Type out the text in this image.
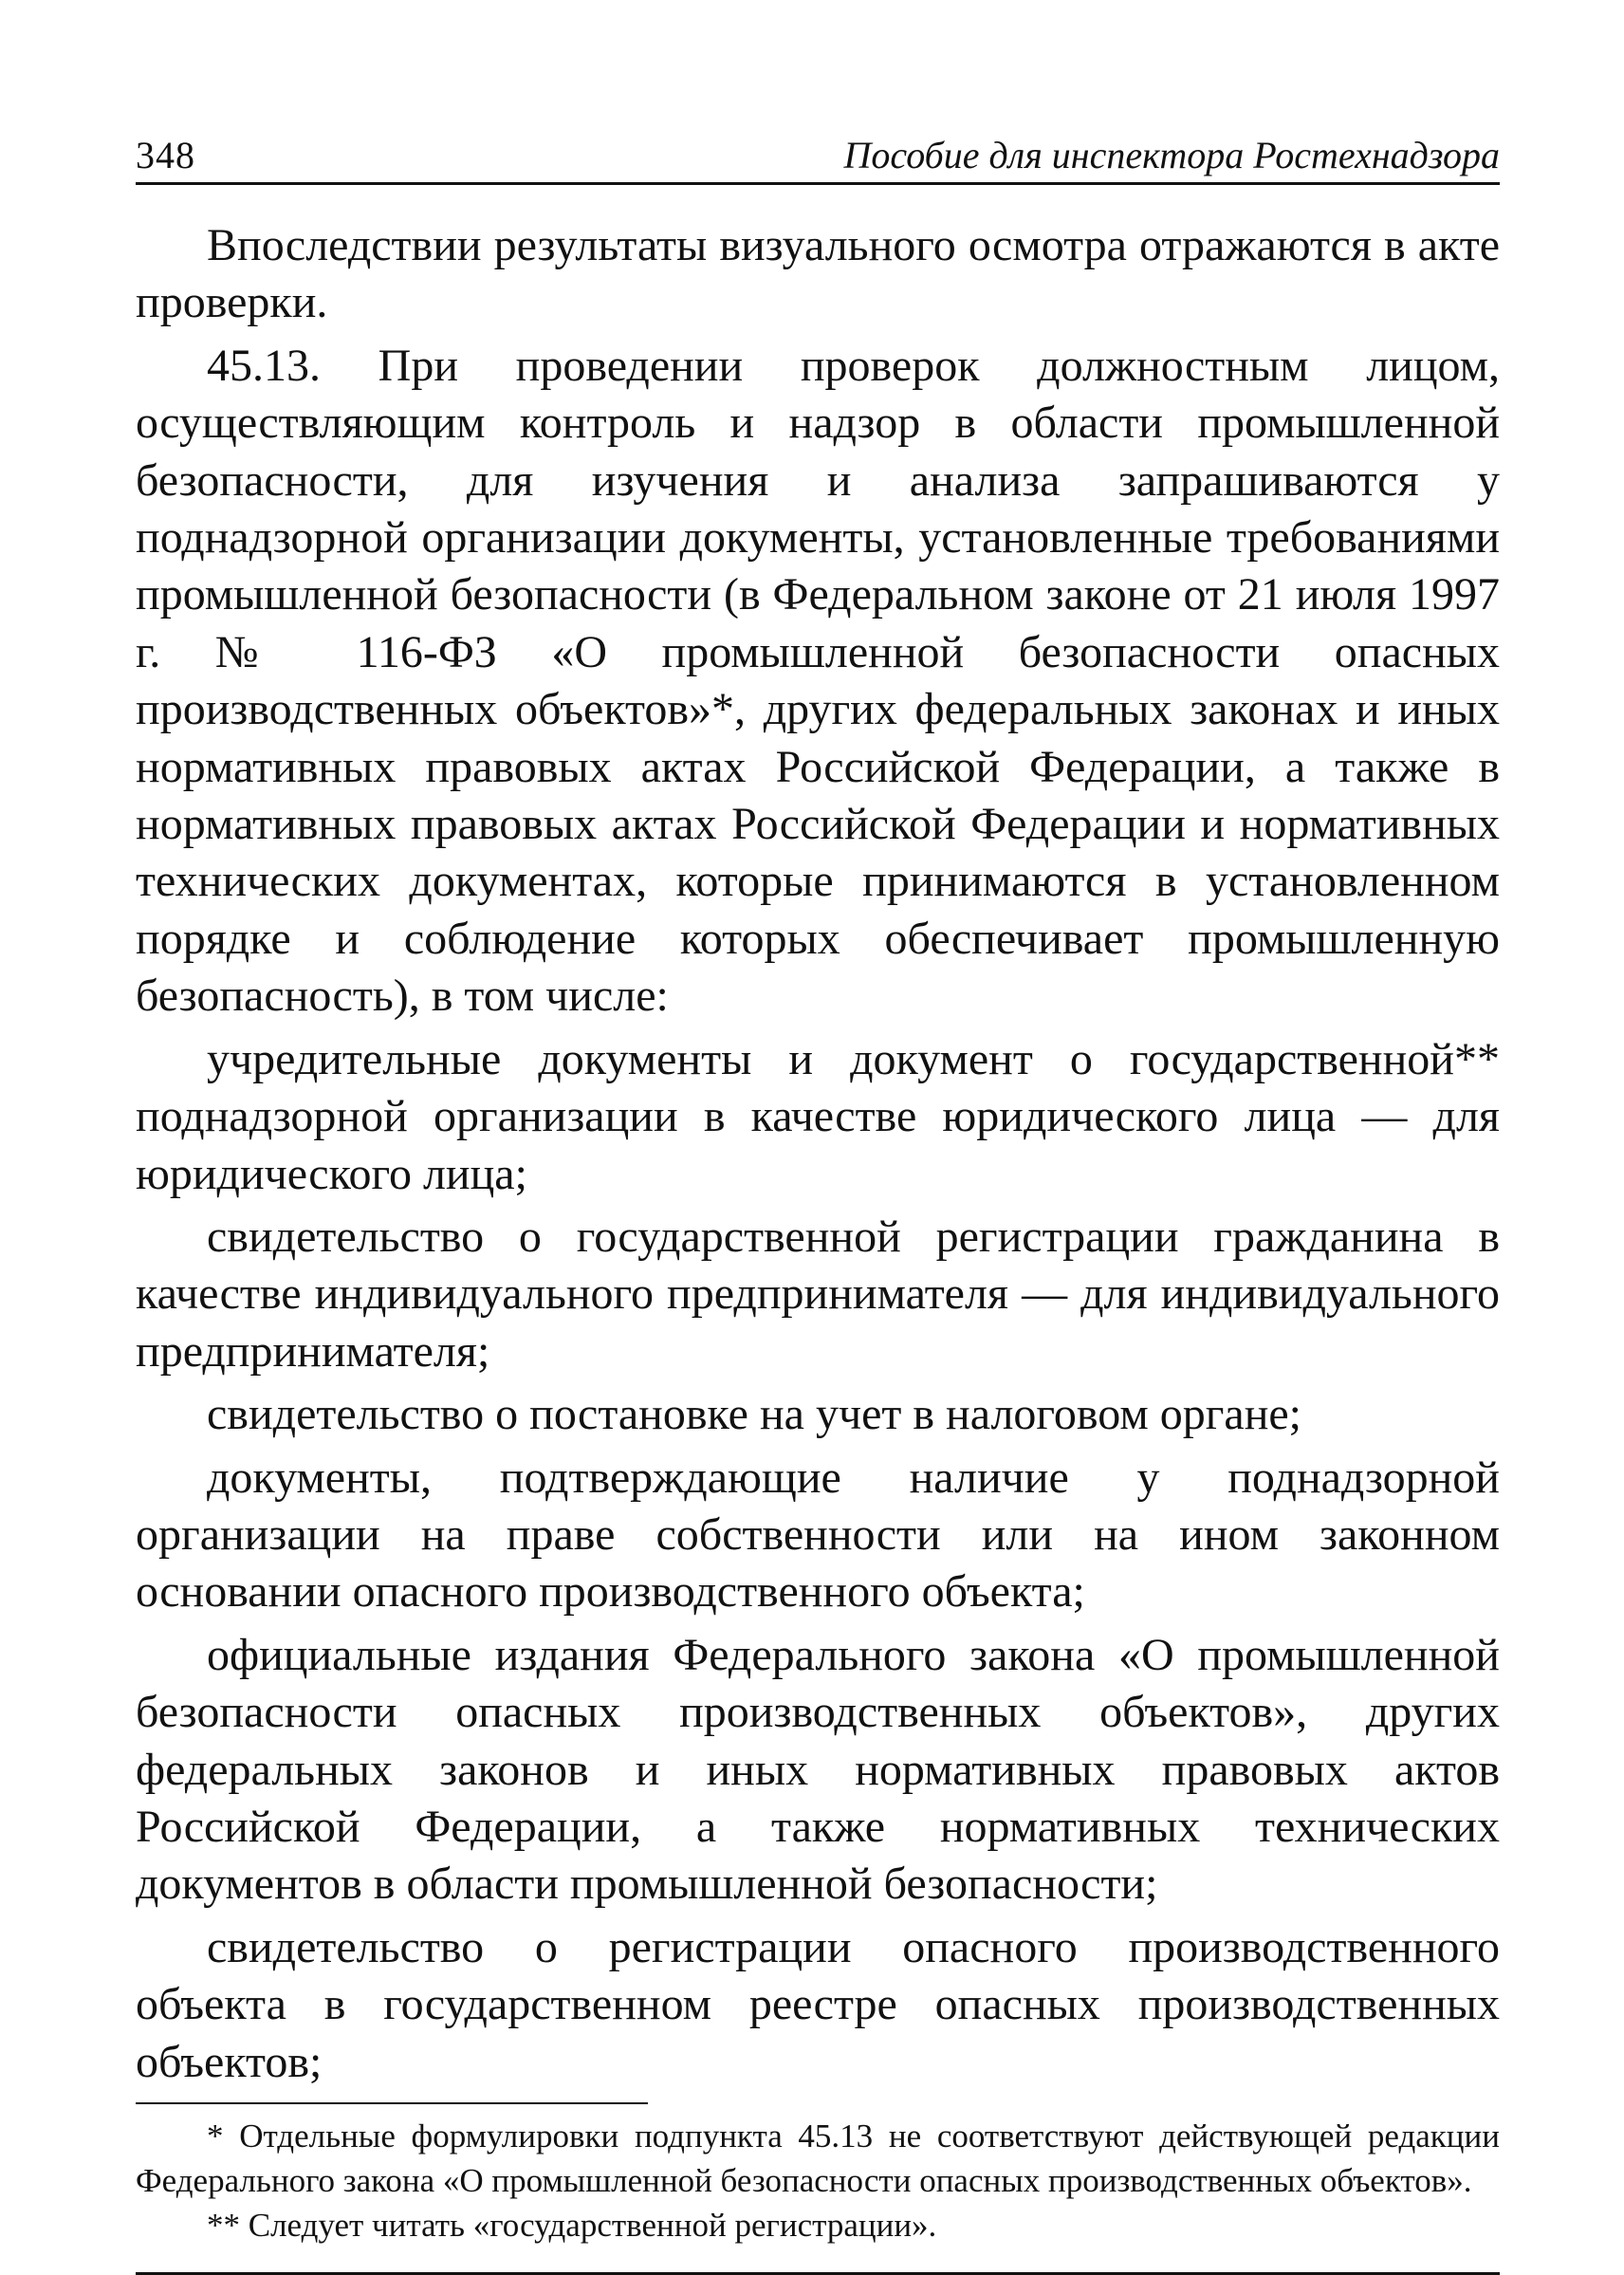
348	Пособие для инспектора Ростехнадзора

Впоследствии результаты визуального осмотра отражаются в акте проверки.

45.13. При проведении проверок должностным лицом, осуществляющим контроль и надзор в области промышленной безопасности, для изучения и анализа запрашиваются у поднадзорной организации документы, установленные требованиями промышленной безопасности (в Федеральном законе от 21 июля 1997 г. № 116-ФЗ «О промышленной безопасности опасных производственных объектов»*, других федеральных законах и иных нормативных правовых актах Российской Федерации, а также в нормативных правовых актах Российской Федерации и нормативных технических документах, которые принимаются в установленном порядке и соблюдение которых обеспечивает промышленную безопасность), в том числе:

учредительные документы и документ о государственной** поднадзорной организации в качестве юридического лица — для юридического лица;

свидетельство о государственной регистрации гражданина в качестве индивидуального предпринимателя — для индивидуального предпринимателя;

свидетельство о постановке на учет в налоговом органе;

документы, подтверждающие наличие у поднадзорной организации на праве собственности или на ином законном основании опасного производственного объекта;

официальные издания Федерального закона «О промышленной безопасности опасных производственных объектов», других федеральных законов и иных нормативных правовых актов Российской Федерации, а также нормативных технических документов в области промышленной безопасности;

свидетельство о регистрации опасного производственного объекта в государственном реестре опасных производственных объектов;

* Отдельные формулировки подпункта 45.13 не соответствуют действующей редакции Федерального закона «О промышленной безопасности опасных производственных объектов».

** Следует читать «государственной регистрации».
